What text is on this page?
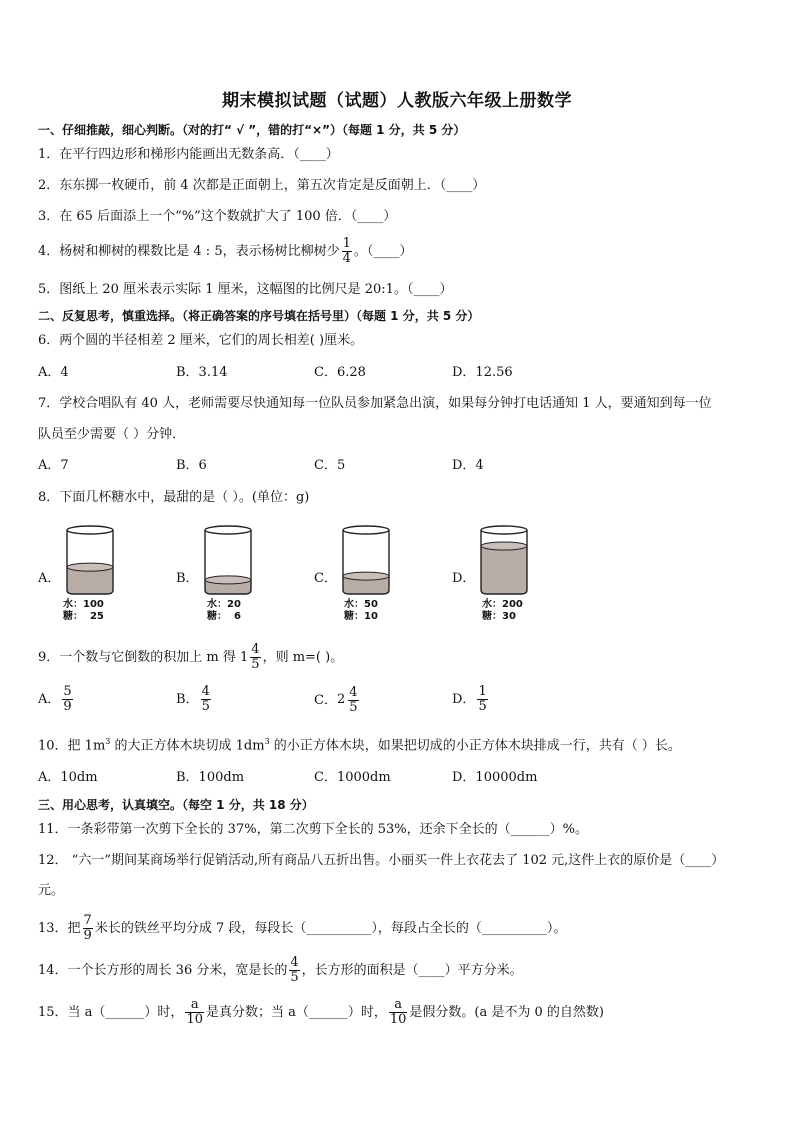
期末模拟试题（试题）人教版六年级上册数学
一、仔细推敲，细心判断。（对的打“ √ ”，错的打“×”）（每题 1 分，共 5 分）
1．在平行四边形和梯形内能画出无数条高．（____）
2．东东掷一枚硬币，前 4 次都是正面朝上，第五次肯定是反面朝上．（____）
3．在 65 后面添上一个“%”这个数就扩大了 100 倍．（____）
4．杨树和柳树的棵数比是 4 : 5，表示杨树比柳树少 $\frac{1}{4}$ 。（____）
5．图纸上 20 厘米表示实际 1 厘米，这幅图的比例尺是 20:1。（____）
二、反复思考，慎重选择。（将正确答案的序号填在括号里）（每题 1 分，共 5 分）
6．两个圆的半径相差 2 厘米，它们的周长相差( )厘米。
A．4	B．3.14	C．6.28	D．12.56
7．学校合唱队有 40 人，老师需要尽快通知每一位队员参加紧急出演，如果每分钟打电话通知 1 人，要通知到每一位
队员至少需要（ ）分钟．
A．7	B．6	C．5	D．4
8．下面几杯糖水中，最甜的是（ ）。(单位：g)
A．
水：100
糖：  25
B．
水：20
糖：  6
C．
水：50
糖：10
D．
水：200
糖：30
9．一个数与它倒数的积加上 m 得 $1 \frac{4}{5}$ ，则 m=( )。
A． $\frac{5}{9}$	B． $\frac{4}{5}$	C．$2 \frac{4}{5}$	D． $\frac{1}{5}$
10．把 $1m^3$ 的大正方体木块切成 $1dm^3$ 的小正方体木块，如果把切成的小正方体木块排成一行，共有（ ）长。
A．10dm	B．100dm	C．1000dm	D．10000dm
三、用心思考，认真填空。（每空 1 分，共 18 分）
11．一条彩带第一次剪下全长的 37%，第二次剪下全长的 53%，还余下全长的（______）%。
12． “六一”期间某商场举行促销活动,所有商品八五折出售。小丽买一件上衣花去了 102 元,这件上衣的原价是（____）
元。
13．把 $\frac{7}{9}$ 米长的铁丝平均分成 7 段，每段长（__________），每段占全长的（__________）。
14．一个长方形的周长 36 分米，宽是长的 $\frac{4}{5}$ ，长方形的面积是（____）平方分米。
15．当 a（______）时， $\frac{a}{10}$ 是真分数；当 a（______）时， $\frac{a}{10}$ 是假分数。(a 是不为 0 的自然数)
